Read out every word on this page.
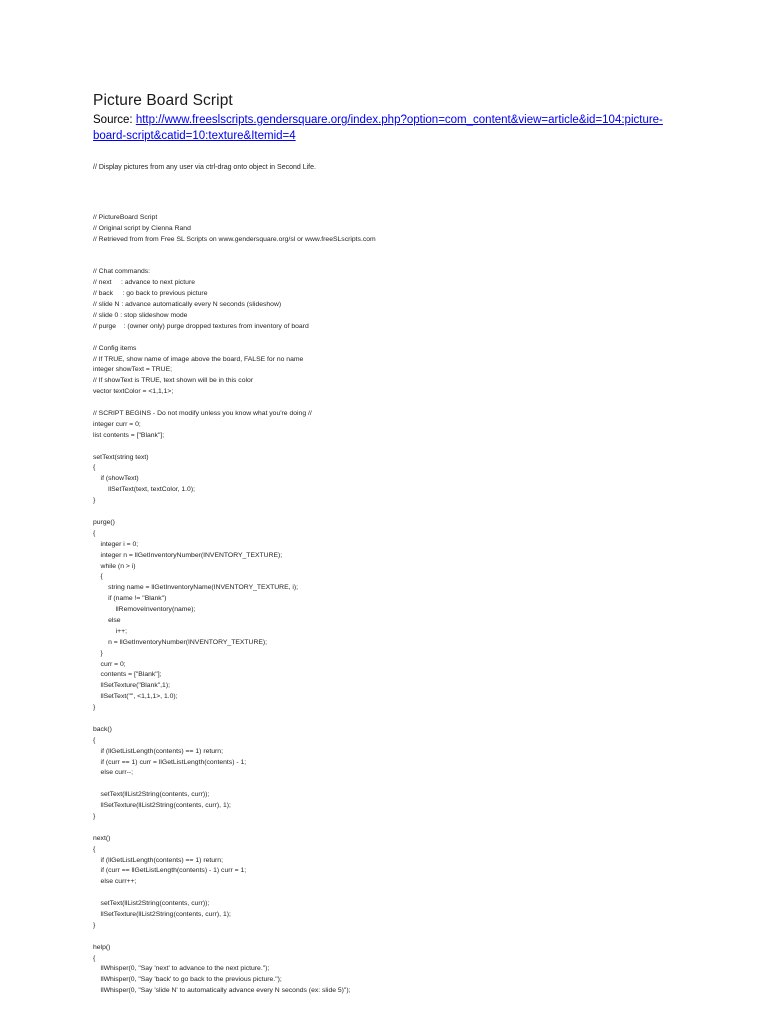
Picture Board Script
Source: http://www.freeslscripts.gendersquare.org/index.php?option=com_content&view=article&id=104:picture-board-script&catid=10:texture&Itemid=4
// Display pictures from any user via ctrl-drag onto object in Second Life.
// PictureBoard Script
// Original script by Cienna Rand
// Retrieved from from Free SL Scripts on www.gendersquare.org/sl or www.freeSLscripts.com
// Chat commands:
// next     : advance to next picture
// back     : go back to previous picture
// slide N : advance automatically every N seconds (slideshow)
// slide 0 : stop slideshow mode
// purge    : (owner only) purge dropped textures from inventory of board
// Config items
// If TRUE, show name of image above the board, FALSE for no name
integer showText = TRUE;
// If showText is TRUE, text shown will be in this color
vector textColor = <1,1,1>;
// SCRIPT BEGINS - Do not modify unless you know what you're doing //
integer curr = 0;
list contents = ["Blank"];
setText(string text)
{
if (showText)
llSetText(text, textColor, 1.0);
}
purge()
{
integer i = 0;
integer n = llGetInventoryNumber(INVENTORY_TEXTURE);
while (n > i)
{
string name = llGetInventoryName(INVENTORY_TEXTURE, i);
if (name != "Blank")
llRemoveInventory(name);
else
i++;
n = llGetInventoryNumber(INVENTORY_TEXTURE);
}
curr = 0;
contents = ["Blank"];
llSetTexture("Blank",1);
llSetText("", <1,1,1>, 1.0);
}
back()
{
if (llGetListLength(contents) == 1) return;
if (curr == 1) curr = llGetListLength(contents) - 1;
else curr--;
setText(llList2String(contents, curr));
llSetTexture(llList2String(contents, curr), 1);
}
next()
{
if (llGetListLength(contents) == 1) return;
if (curr == llGetListLength(contents) - 1) curr = 1;
else curr++;
setText(llList2String(contents, curr));
llSetTexture(llList2String(contents, curr), 1);
}
help()
{
llWhisper(0, "Say 'next' to advance to the next picture.");
llWhisper(0, "Say 'back' to go back to the previous picture.");
llWhisper(0, "Say 'slide N' to automatically advance every N seconds (ex: slide 5)");
